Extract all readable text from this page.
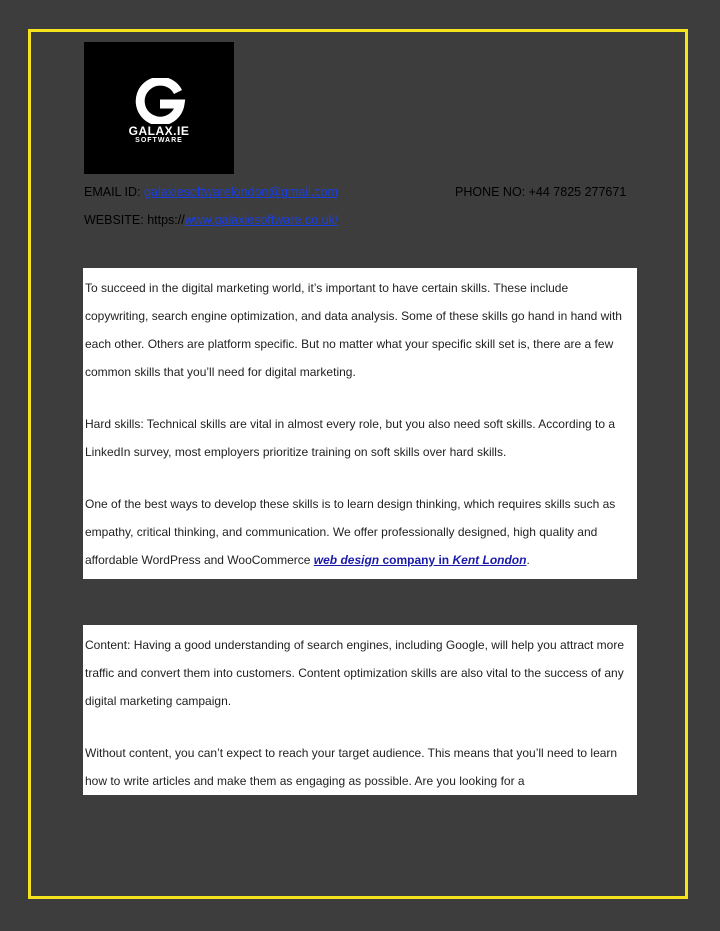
GALAX.IE
SOFTWARE
EMAIL ID: galaxiesoftwarelondon@gmail.com	PHONE NO: +44 7825 277671
WEBSITE: https://www.galaxiesoftware.co.uk/

To succeed in the digital marketing world, it’s important to have certain skills. These include copywriting, search engine optimization, and data analysis. Some of these skills go hand in hand with each other. Others are platform specific. But no matter what your specific skill set is, there are a few common skills that you’ll need for digital marketing.

Hard skills: Technical skills are vital in almost every role, but you also need soft skills. According to a LinkedIn survey, most employers prioritize training on soft skills over hard skills.

One of the best ways to develop these skills is to learn design thinking, which requires skills such as empathy, critical thinking, and communication. We offer professionally designed, high quality and affordable WordPress and WooCommerce web design company in Kent London.

Content: Having a good understanding of search engines, including Google, will help you attract more traffic and convert them into customers. Content optimization skills are also vital to the success of any digital marketing campaign.

Without content, you can’t expect to reach your target audience. This means that you’ll need to learn how to write articles and make them as engaging as possible. Are you looking for a
